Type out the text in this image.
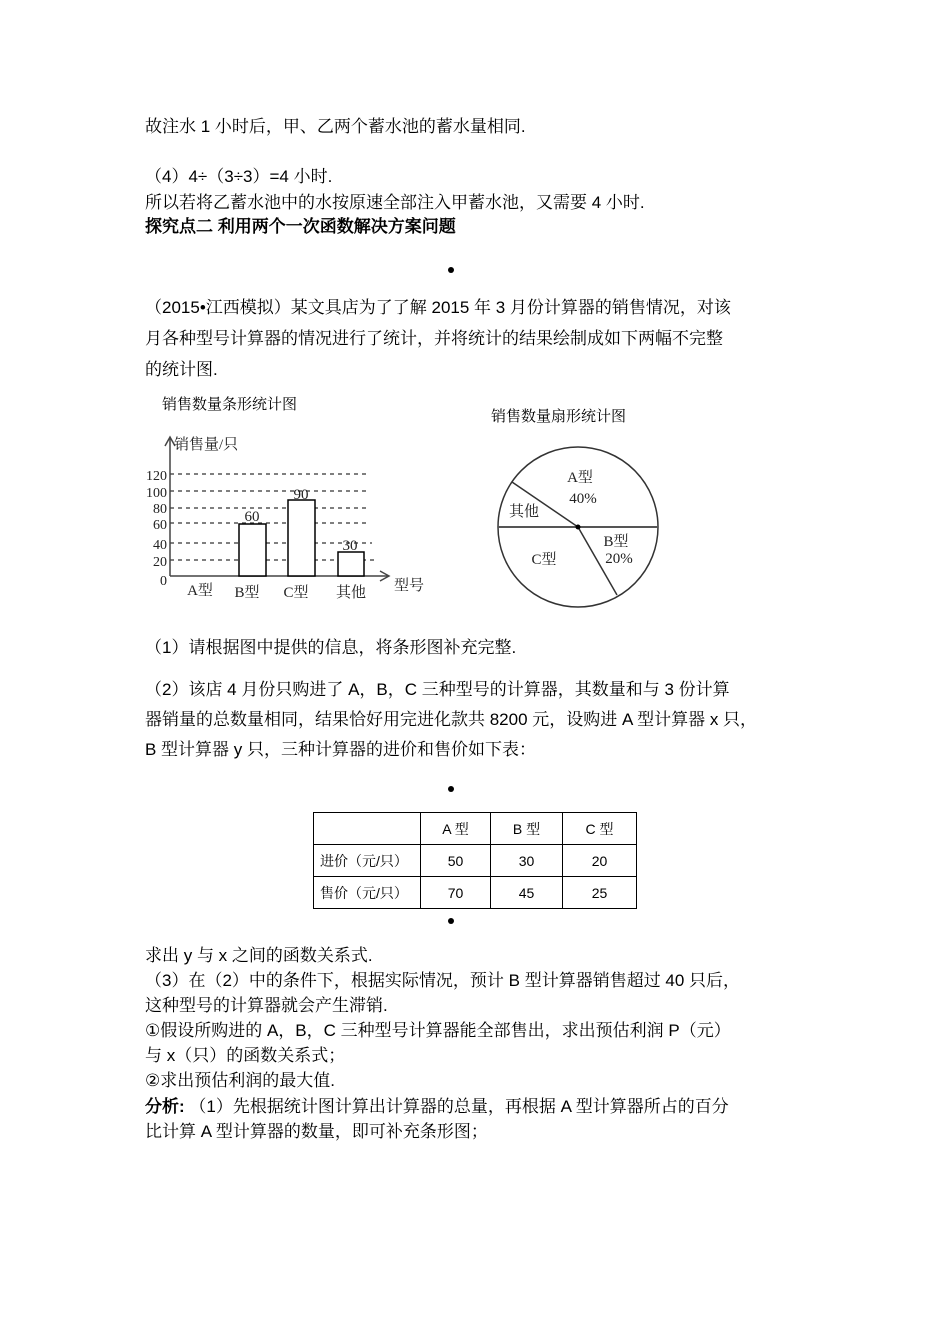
故注水 1 小时后，甲、乙两个蓄水池的蓄水量相同.
（4）4÷（3÷3）=4 小时.
所以若将乙蓄水池中的水按原速全部注入甲蓄水池，又需要 4 小时.
探究点二 利用两个一次函数解决方案问题
（2015•江西模拟）某文具店为了了解 2015 年 3 月份计算器的销售情况，对该
月各种型号计算器的情况进行了统计，并将统计的结果绘制成如下两幅不完整
的统计图.
销售数量条形统计图
120
100
80
60
40
20
0
60
90
30
A型 B型 C型 其他
销售量/只
型号
销售数量扇形统计图
A型
40%
其他
B型
20%
C型
（1）请根据图中提供的信息，将条形图补充完整.
（2）该店 4 月份只购进了 A，B，C 三种型号的计算器，其数量和与 3 份计算
器销量的总数量相同，结果恰好用完进化款共 8200 元，设购进 A 型计算器 x 只，
B 型计算器 y 只，三种计算器的进价和售价如下表：
	A 型	B 型	C 型
进价（元/只）	50	30	20
售价（元/只）	70	45	25
求出 y 与 x 之间的函数关系式.
（3）在（2）中的条件下，根据实际情况，预计 B 型计算器销售超过 40 只后，
这种型号的计算器就会产生滞销.
①假设所购进的 A，B，C 三种型号计算器能全部售出，求出预估利润 P（元）
与 x（只）的函数关系式；
②求出预估利润的最大值.
分析: （1）先根据统计图计算出计算器的总量，再根据 A 型计算器所占的百分
比计算 A 型计算器的数量，即可补充条形图；
